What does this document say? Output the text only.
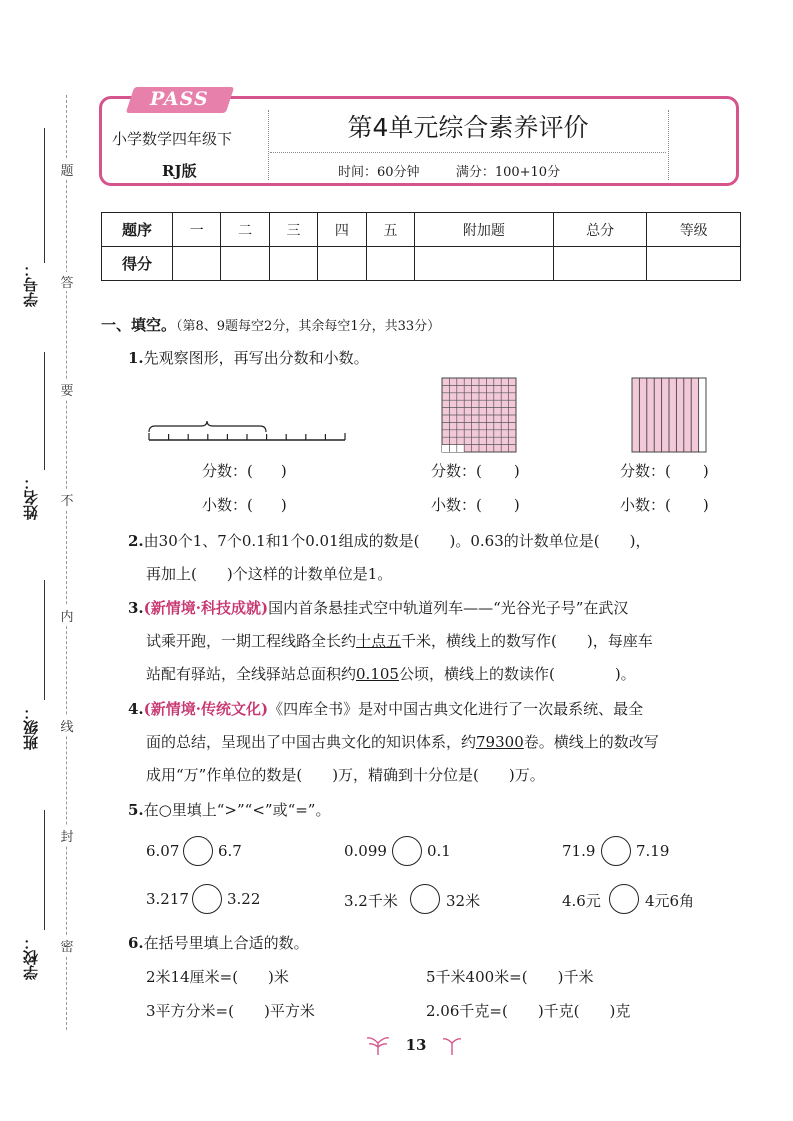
题
答
要
不
内
线
封
密
学号：
姓名：
班级：
学校：
PASS
小学数学四年级下
RJ版
第4单元综合素养评价
时间：60分钟	满分：100+10分
题序	一	二	三	四	五	附加题	总分	等级
得分								
一、填空。（第8、9题每空2分，其余每空1分，共33分）
1.先观察图形，再写出分数和小数。
分数：( )
小数：( )
分数：( )
小数：( )
分数：( )
小数：( )
2.由30个1、7个0.1和1个0.01组成的数是(　　)。0.63的计数单位是(　　)，
再加上(　　)个这样的计数单位是1。
3.(新情境·科技成就)国内首条悬挂式空中轨道列车——“光谷光子号”在武汉
试乘开跑，一期工程线路全长约十点五千米，横线上的数写作(　　)，每座车
站配有驿站，全线驿站总面积约0.105公顷，横线上的数读作(　　　　)。
4.(新情境·传统文化)《四库全书》是对中国古典文化进行了一次最系统、最全
面的总结，呈现出了中国古典文化的知识体系，约79300卷。横线上的数改写
成用“万”作单位的数是(　　)万，精确到十分位是(　　)万。
5.在○里填上“>”“<”或“=”。
6.07	6.7	0.099	0.1	71.9	7.19
3.217	3.22	3.2千米	32米	4.6元	4元6角
6.在括号里填上合适的数。
2米14厘米=(　　)米	5千米400米=(　　)千米
3平方分米=(　　)平方米	2.06千克=(　　)千克(　　)克
13
